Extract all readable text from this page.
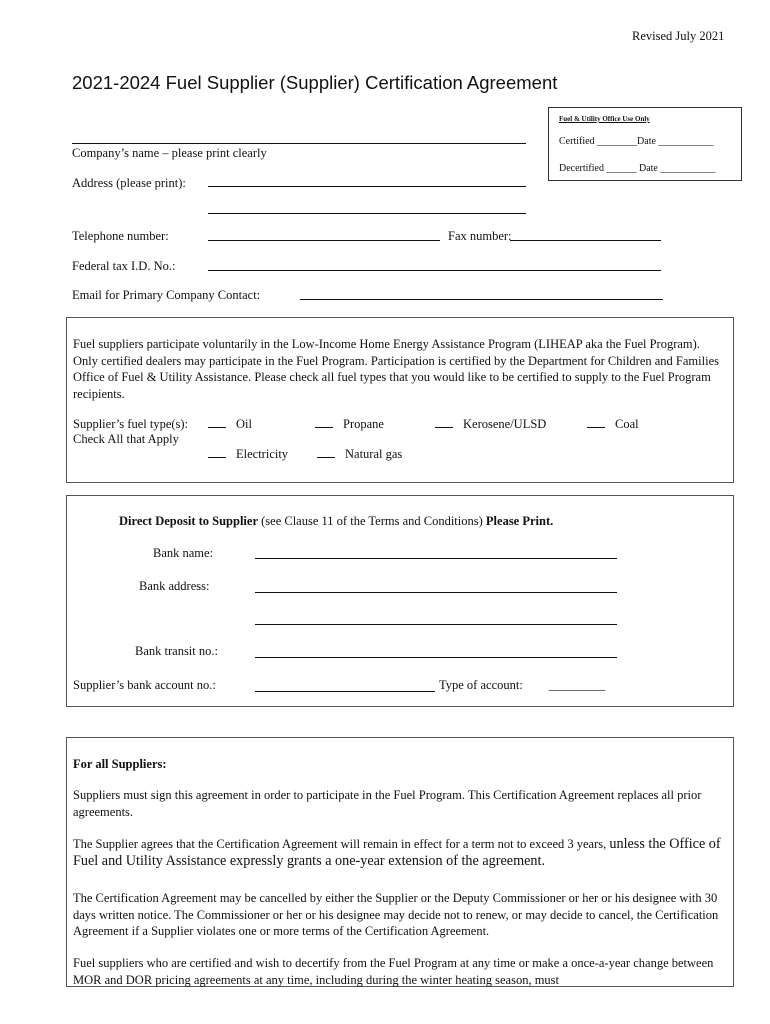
Revised July 2021
2021-2024 Fuel Supplier (Supplier) Certification Agreement
Fuel & Utility Office Use Only
Certified ________Date ___________
Decertified ______ Date ___________
Company’s name – please print clearly
Address (please print):
Telephone number:	Fax number:
Federal tax I.D. No.:
Email for Primary Company Contact:
Fuel suppliers participate voluntarily in the Low-Income Home Energy Assistance Program (LIHEAP aka the Fuel Program). Only certified dealers may participate in the Fuel Program. Participation is certified by the Department for Children and Families Office of Fuel & Utility Assistance. Please check all fuel types that you would like to be certified to supply to the Fuel Program recipients.
Supplier’s fuel type(s):
Check All that Apply
Oil	Propane	Kerosene/ULSD	Coal
Electricity	Natural gas
Direct Deposit to Supplier (see Clause 11 of the Terms and Conditions) Please Print.
Bank name:
Bank address:
Bank transit no.:
Supplier’s bank account no.:	Type of account: _________
For all Suppliers:
Suppliers must sign this agreement in order to participate in the Fuel Program. This Certification Agreement replaces all prior agreements.
The Supplier agrees that the Certification Agreement will remain in effect for a term not to exceed 3 years, unless the Office of Fuel and Utility Assistance expressly grants a one-year extension of the agreement.
The Certification Agreement may be cancelled by either the Supplier or the Deputy Commissioner or her or his designee with 30 days written notice. The Commissioner or her or his designee may decide not to renew, or may decide to cancel, the Certification Agreement if a Supplier violates one or more terms of the Certification Agreement.
Fuel suppliers who are certified and wish to decertify from the Fuel Program at any time or make a once-a-year change between MOR and DOR pricing agreements at any time, including during the winter heating season, must
